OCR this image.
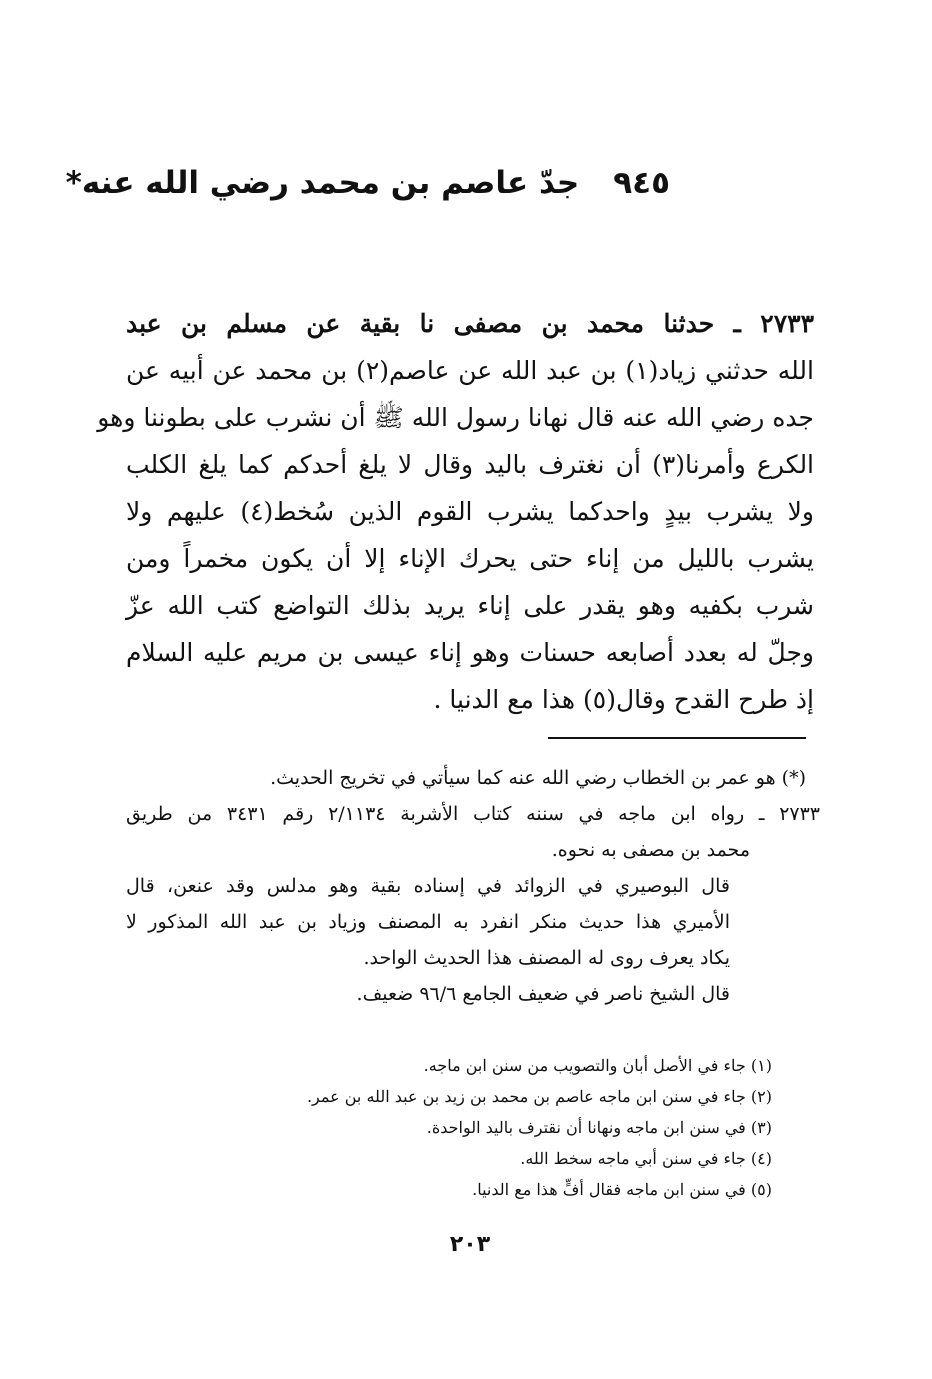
٩٤٥جدّ عاصم بن محمد رضي الله عنه*
٢٧٣٣ ـ حدثنا محمد بن مصفى نا بقية عن مسلم بن عبد
الله حدثني زياد(١) بن عبد الله عن عاصم(٢) بن محمد عن أبيه عن
جده رضي الله عنه قال نهانا رسول الله ﷺ أن نشرب على بطوننا وهو
الكرع وأمرنا(٣) أن نغترف باليد وقال لا يلغ أحدكم كما يلغ الكلب
ولا يشرب بيدٍ واحدكما يشرب القوم الذين سُخط(٤) عليهم ولا
يشرب بالليل من إناء حتى يحرك الإناء إلا أن يكون مخمراً ومن
شرب بكفيه وهو يقدر على إناء يريد بذلك التواضع كتب الله عزّ
وجلّ له بعدد أصابعه حسنات وهو إناء عيسى بن مريم عليه السلام
إذ طرح القدح وقال(٥) هذا مع الدنيا .
(*) هو عمر بن الخطاب رضي الله عنه كما سيأتي في تخريج الحديث.
٢٧٣٣ ـ رواه ابن ماجه في سننه كتاب الأشربة ٢/١١٣٤ رقم ٣٤٣١ من طريق
محمد بن مصفى به نحوه.
قال البوصيري في الزوائد في إسناده بقية وهو مدلس وقد عنعن، قال
الأميري هذا حديث منكر انفرد به المصنف وزياد بن عبد الله المذكور لا
يكاد يعرف روى له المصنف هذا الحديث الواحد.
قال الشيخ ناصر في ضعيف الجامع ٩٦/٦ ضعيف.
(١) جاء في الأصل أبان والتصويب من سنن ابن ماجه.
(٢) جاء في سنن ابن ماجه عاصم بن محمد بن زيد بن عبد الله بن عمر.
(٣) في سنن ابن ماجه ونهانا أن نقترف باليد الواحدة.
(٤) جاء في سنن أبي ماجه سخط الله.
(٥) في سنن ابن ماجه فقال أفٍّ هذا مع الدنيا.
٢٠٣
